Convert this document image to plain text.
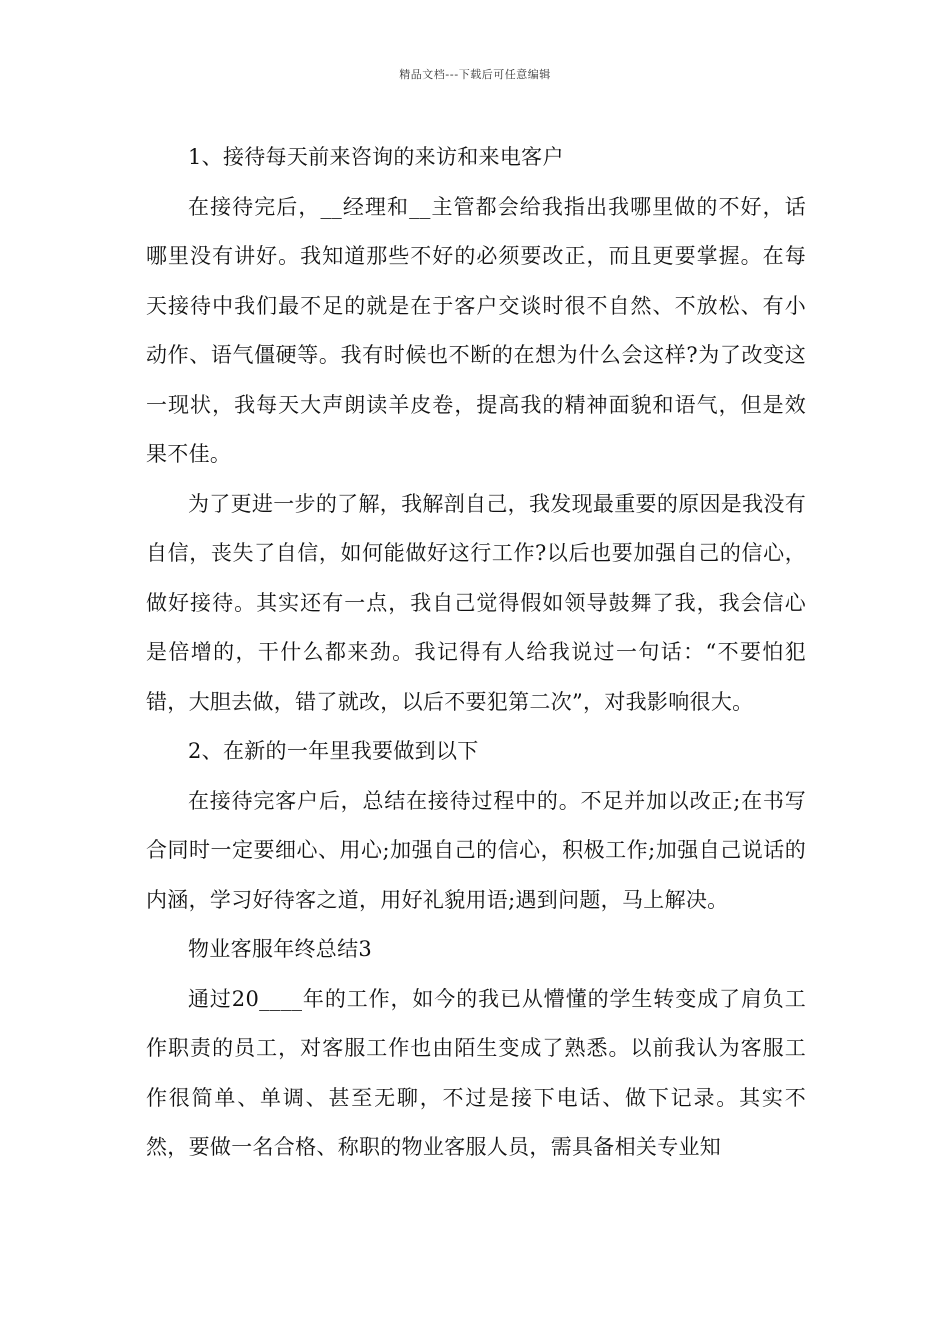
精品文档---下载后可任意编辑

1、接待每天前来咨询的来访和来电客户

在接待完后，__经理和__主管都会给我指出我哪里做的不好，话哪里没有讲好。我知道那些不好的必须要改正，而且更要掌握。在每天接待中我们最不足的就是在于客户交谈时很不自然、不放松、有小动作、语气僵硬等。我有时候也不断的在想为什么会这样?为了改变这一现状，我每天大声朗读羊皮卷，提高我的精神面貌和语气，但是效果不佳。

为了更进一步的了解，我解剖自己，我发现最重要的原因是我没有自信，丧失了自信，如何能做好这行工作?以后也要加强自己的信心，做好接待。其实还有一点，我自己觉得假如领导鼓舞了我，我会信心是倍增的，干什么都来劲。我记得有人给我说过一句话：“不要怕犯错，大胆去做，错了就改，以后不要犯第二次”，对我影响很大。

2、在新的一年里我要做到以下

在接待完客户后，总结在接待过程中的。不足并加以改正;在书写合同时一定要细心、用心;加强自己的信心，积极工作;加强自己说话的内涵，学习好待客之道，用好礼貌用语;遇到问题，马上解决。

物业客服年终总结3

通过20____年的工作，如今的我已从懵懂的学生转变成了肩负工作职责的员工，对客服工作也由陌生变成了熟悉。以前我认为客服工作很简单、单调、甚至无聊，不过是接下电话、做下记录。其实不然，要做一名合格、称职的物业客服人员，需具备相关专业知
